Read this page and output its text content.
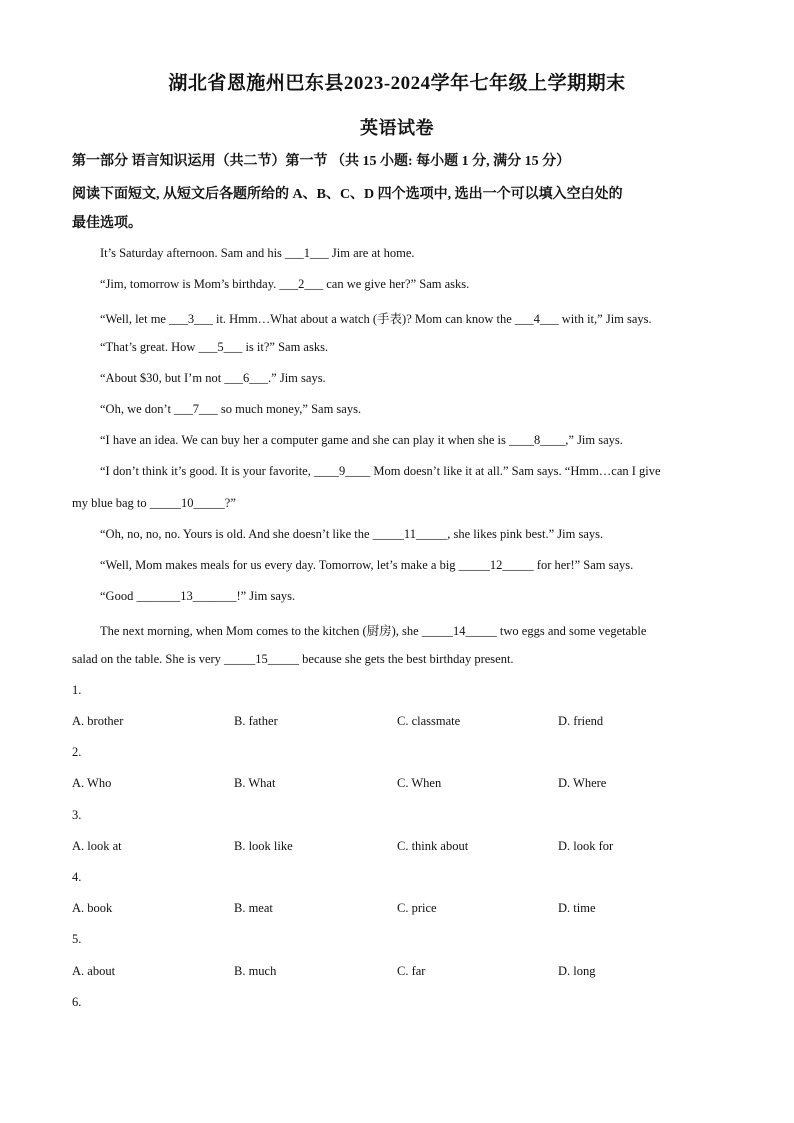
湖北省恩施州巴东县2023-2024学年七年级上学期期末
英语试卷
第一部分 语言知识运用（共二节）第一节 （共 15 小题: 每小题 1 分, 满分 15 分）
阅读下面短文, 从短文后各题所给的 A、B、C、D 四个选项中, 选出一个可以填入空白处的
最佳选项。
It’s Saturday afternoon. Sam and his ___1___ Jim are at home.
“Jim, tomorrow is Mom’s birthday. ___2___ can we give her?” Sam asks.
“Well, let me ___3___ it. Hmm…What about a watch (手表)? Mom can know the ___4___ with it,” Jim says.
“That’s great. How ___5___ is it?” Sam asks.
“About $30, but I’m not ___6___.” Jim says.
“Oh, we don’t ___7___ so much money,” Sam says.
“I have an idea. We can buy her a computer game and she can play it when she is ____8____,” Jim says.
“I don’t think it’s good. It is your favorite, ____9____ Mom doesn’t like it at all.” Sam says. “Hmm…can I give
my blue bag to _____10_____?”
“Oh, no, no, no. Yours is old. And she doesn’t like the _____11_____, she likes pink best.” Jim says.
“Well, Mom makes meals for us every day. Tomorrow, let’s make a big _____12_____ for her!” Sam says.
“Good _______13_______!” Jim says.
The next morning, when Mom comes to the kitchen (厨房), she _____14_____ two eggs and some vegetable
salad on the table. She is very _____15_____ because she gets the best birthday present.
1.
A. brother	B. father	C. classmate	D. friend
2.
A. Who	B. What	C. When	D. Where
3.
A. look at	B. look like	C. think about	D. look for
4.
A. book	B. meat	C. price	D. time
5.
A. about	B. much	C. far	D. long
6.
